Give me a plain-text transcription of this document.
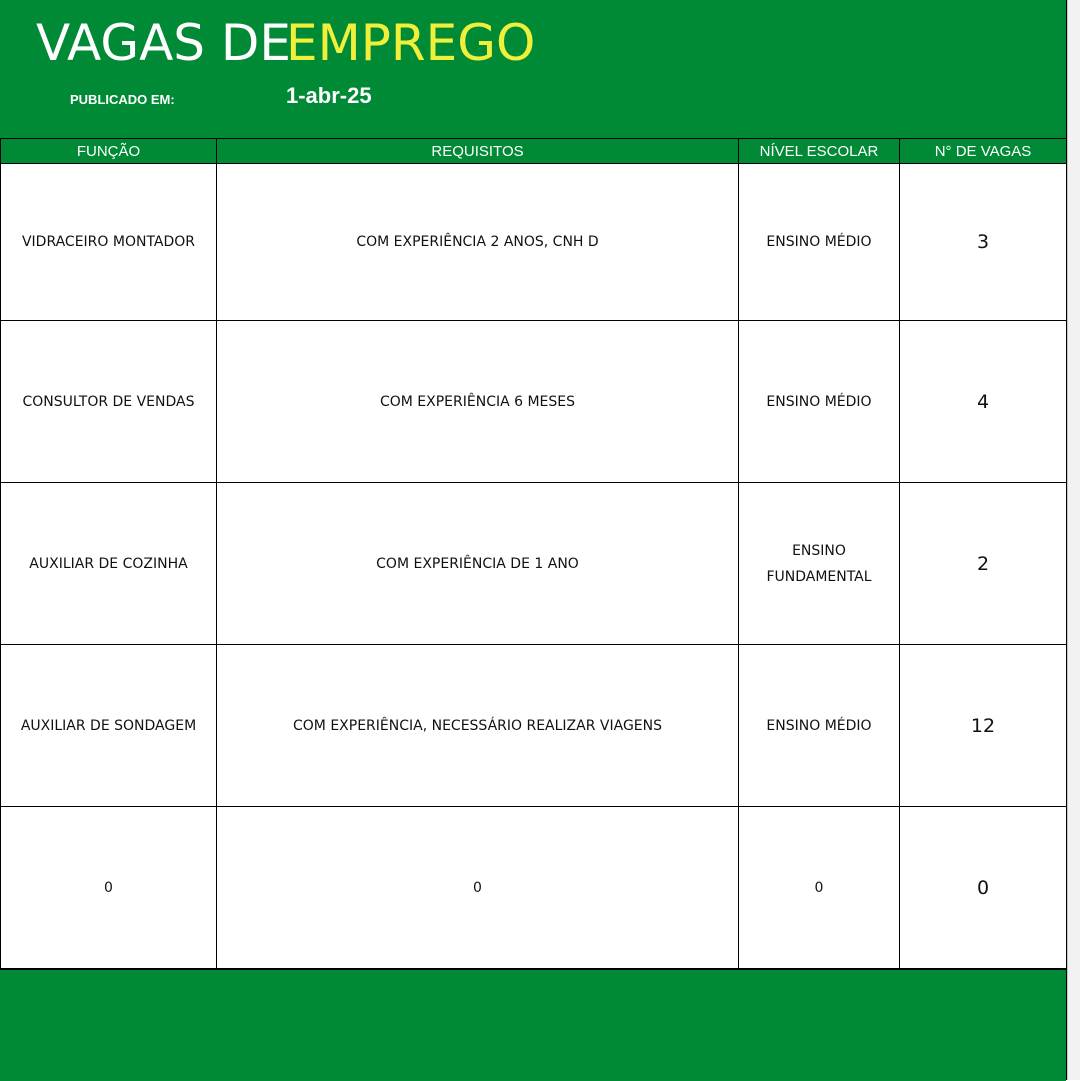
VAGAS DE
EMPREGO
PUBLICADO EM:	1-abr-25
FUNÇÃO	REQUISITOS	NÍVEL ESCOLAR	N° DE VAGAS
VIDRACEIRO MONTADOR	COM EXPERIÊNCIA 2 ANOS, CNH D	ENSINO MÉDIO	3
CONSULTOR DE VENDAS	COM EXPERIÊNCIA 6 MESES	ENSINO MÉDIO	4
AUXILIAR DE COZINHA	COM EXPERIÊNCIA DE 1 ANO	ENSINO FUNDAMENTAL	2
AUXILIAR DE SONDAGEM	COM EXPERIÊNCIA, NECESSÁRIO REALIZAR VIAGENS	ENSINO MÉDIO	12
0	0	0	0
